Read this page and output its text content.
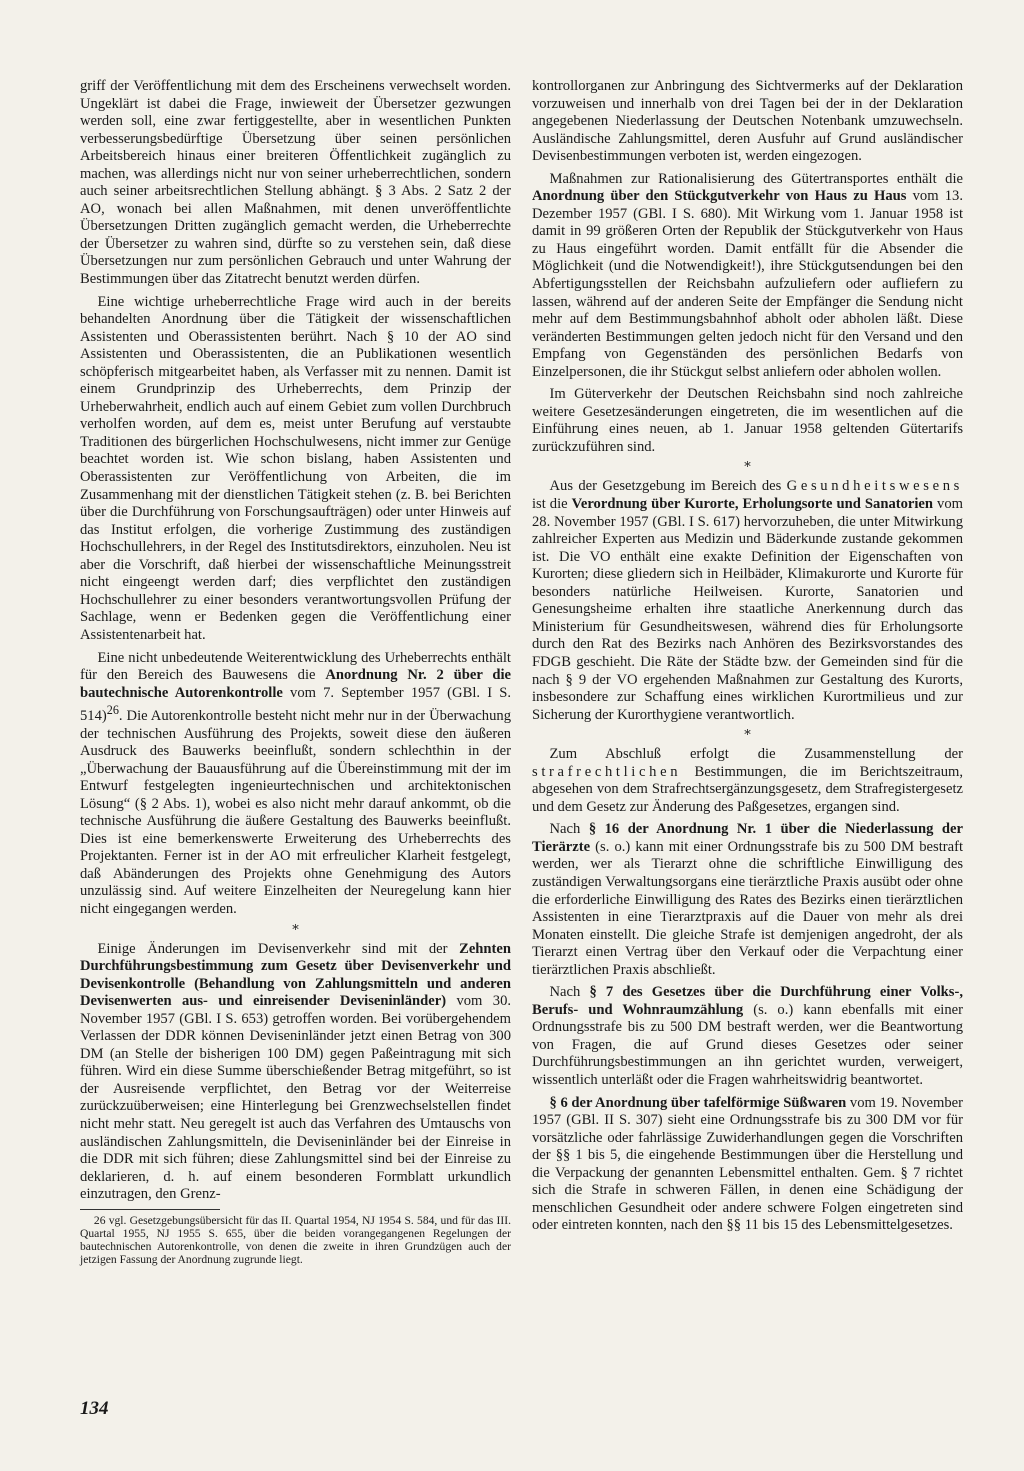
griff der Veröffentlichung mit dem des Erscheinens verwechselt worden. Ungeklärt ist dabei die Frage, inwieweit der Übersetzer gezwungen werden soll, eine zwar fertiggestellte, aber in wesentlichen Punkten verbesserungsbedürftige Übersetzung über seinen persönlichen Arbeitsbereich hinaus einer breiteren Öffentlichkeit zugänglich zu machen, was allerdings nicht nur von seiner urheberrechtlichen, sondern auch seiner arbeitsrechtlichen Stellung abhängt. § 3 Abs. 2 Satz 2 der AO, wonach bei allen Maßnahmen, mit denen unveröffentlichte Übersetzungen Dritten zugänglich gemacht werden, die Urheberrechte der Übersetzer zu wahren sind, dürfte so zu verstehen sein, daß diese Übersetzungen nur zum persönlichen Gebrauch und unter Wahrung der Bestimmungen über das Zitatrecht benutzt werden dürfen.

Eine wichtige urheberrechtliche Frage wird auch in der bereits behandelten Anordnung über die Tätigkeit der wissenschaftlichen Assistenten und Oberassistenten berührt. Nach § 10 der AO sind Assistenten und Oberassistenten, die an Publikationen wesentlich schöpferisch mitgearbeitet haben, als Verfasser mit zu nennen. Damit ist einem Grundprinzip des Urheberrechts, dem Prinzip der Urheberwahrheit, endlich auch auf einem Gebiet zum vollen Durchbruch verholfen worden, auf dem es, meist unter Berufung auf verstaubte Traditionen des bürgerlichen Hochschulwesens, nicht immer zur Genüge beachtet worden ist. Wie schon bislang, haben Assistenten und Oberassistenten zur Veröffentlichung von Arbeiten, die im Zusammenhang mit der dienstlichen Tätigkeit stehen (z. B. bei Berichten über die Durchführung von Forschungsaufträgen) oder unter Hinweis auf das Institut erfolgen, die vorherige Zustimmung des zuständigen Hochschullehrers, in der Regel des Institutsdirektors, einzuholen. Neu ist aber die Vorschrift, daß hierbei der wissenschaftliche Meinungsstreit nicht eingeengt werden darf; dies verpflichtet den zuständigen Hochschullehrer zu einer besonders verantwortungsvollen Prüfung der Sachlage, wenn er Bedenken gegen die Veröffentlichung einer Assistentenarbeit hat.

Eine nicht unbedeutende Weiterentwicklung des Urheberrechts enthält für den Bereich des Bauwesens die Anordnung Nr. 2 über die bautechnische Autorenkontrolle vom 7. September 1957 (GBl. I S. 514)$^{26}$. Die Autorenkontrolle besteht nicht mehr nur in der Überwachung der technischen Ausführung des Projekts, soweit diese den äußeren Ausdruck des Bauwerks beeinflußt, sondern schlechthin in der „Überwachung der Bauausführung auf die Übereinstimmung mit der im Entwurf festgelegten ingenieurtechnischen und architektonischen Lösung“ (§ 2 Abs. 1), wobei es also nicht mehr darauf ankommt, ob die technische Ausführung die äußere Gestaltung des Bauwerks beeinflußt. Dies ist eine bemerkenswerte Erweiterung des Urheberrechts des Projektanten. Ferner ist in der AO mit erfreulicher Klarheit festgelegt, daß Abänderungen des Projekts ohne Genehmigung des Autors unzulässig sind. Auf weitere Einzelheiten der Neuregelung kann hier nicht eingegangen werden.

*

Einige Änderungen im Devisenverkehr sind mit der Zehnten Durchführungsbestimmung zum Gesetz über Devisenverkehr und Devisenkontrolle (Behandlung von Zahlungsmitteln und anderen Devisenwerten aus- und einreisender Deviseninländer) vom 30. November 1957 (GBl. I S. 653) getroffen worden. Bei vorübergehendem Verlassen der DDR können Deviseninländer jetzt einen Betrag von 300 DM (an Stelle der bisherigen 100 DM) gegen Paßeintragung mit sich führen. Wird ein diese Summe überschießender Betrag mitgeführt, so ist der Ausreisende verpflichtet, den Betrag vor der Weiterreise zurückzuüberweisen; eine Hinterlegung bei Grenzwechselstellen findet nicht mehr statt. Neu geregelt ist auch das Verfahren des Umtauschs von ausländischen Zahlungsmitteln, die Deviseninländer bei der Einreise in die DDR mit sich führen; diese Zahlungsmittel sind bei der Einreise zu deklarieren, d. h. auf einem besonderen Formblatt urkundlich einzutragen, den Grenz-

26 vgl. Gesetzgebungsübersicht für das II. Quartal 1954, NJ 1954 S. 584, und für das III. Quartal 1955, NJ 1955 S. 655, über die beiden vorangegangenen Regelungen der bautechnischen Autorenkontrolle, von denen die zweite in ihren Grundzügen auch der jetzigen Fassung der Anordnung zugrunde liegt.

kontrollorganen zur Anbringung des Sichtvermerks auf der Deklaration vorzuweisen und innerhalb von drei Tagen bei der in der Deklaration angegebenen Niederlassung der Deutschen Notenbank umzuwechseln. Ausländische Zahlungsmittel, deren Ausfuhr auf Grund ausländischer Devisenbestimmungen verboten ist, werden eingezogen.

Maßnahmen zur Rationalisierung des Gütertransportes enthält die Anordnung über den Stückgutverkehr von Haus zu Haus vom 13. Dezember 1957 (GBl. I S. 680). Mit Wirkung vom 1. Januar 1958 ist damit in 99 größeren Orten der Republik der Stückgutverkehr von Haus zu Haus eingeführt worden. Damit entfällt für die Absender die Möglichkeit (und die Notwendigkeit!), ihre Stückgutsendungen bei den Abfertigungsstellen der Reichsbahn aufzuliefern oder aufliefern zu lassen, während auf der anderen Seite der Empfänger die Sendung nicht mehr auf dem Bestimmungsbahnhof abholt oder abholen läßt. Diese veränderten Bestimmungen gelten jedoch nicht für den Versand und den Empfang von Gegenständen des persönlichen Bedarfs von Einzelpersonen, die ihr Stückgut selbst anliefern oder abholen wollen.

Im Güterverkehr der Deutschen Reichsbahn sind noch zahlreiche weitere Gesetzesänderungen eingetreten, die im wesentlichen auf die Einführung eines neuen, ab 1. Januar 1958 geltenden Gütertarifs zurückzuführen sind.

*

Aus der Gesetzgebung im Bereich des Gesundheitswesens ist die Verordnung über Kurorte, Erholungsorte und Sanatorien vom 28. November 1957 (GBl. I S. 617) hervorzuheben, die unter Mitwirkung zahlreicher Experten aus Medizin und Bäderkunde zustande gekommen ist. Die VO enthält eine exakte Definition der Eigenschaften von Kurorten; diese gliedern sich in Heilbäder, Klimakurorte und Kurorte für besonders natürliche Heilweisen. Kurorte, Sanatorien und Genesungsheime erhalten ihre staatliche Anerkennung durch das Ministerium für Gesundheitswesen, während dies für Erholungsorte durch den Rat des Bezirks nach Anhören des Bezirksvorstandes des FDGB geschieht. Die Räte der Städte bzw. der Gemeinden sind für die nach § 9 der VO ergehenden Maßnahmen zur Gestaltung des Kurorts, insbesondere zur Schaffung eines wirklichen Kurortmilieus und zur Sicherung der Kurorthygiene verantwortlich.

*

Zum Abschluß erfolgt die Zusammenstellung der strafrechtlichen Bestimmungen, die im Berichtszeitraum, abgesehen von dem Strafrechtsergänzungsgesetz, dem Strafregistergesetz und dem Gesetz zur Änderung des Paßgesetzes, ergangen sind.

Nach § 16 der Anordnung Nr. 1 über die Niederlassung der Tierärzte (s. o.) kann mit einer Ordnungsstrafe bis zu 500 DM bestraft werden, wer als Tierarzt ohne die schriftliche Einwilligung des zuständigen Verwaltungsorgans eine tierärztliche Praxis ausübt oder ohne die erforderliche Einwilligung des Rates des Bezirks einen tierärztlichen Assistenten in eine Tierarztpraxis auf die Dauer von mehr als drei Monaten einstellt. Die gleiche Strafe ist demjenigen angedroht, der als Tierarzt einen Vertrag über den Verkauf oder die Verpachtung einer tierärztlichen Praxis abschließt.

Nach § 7 des Gesetzes über die Durchführung einer Volks-, Berufs- und Wohnraumzählung (s. o.) kann ebenfalls mit einer Ordnungsstrafe bis zu 500 DM bestraft werden, wer die Beantwortung von Fragen, die auf Grund dieses Gesetzes oder seiner Durchführungsbestimmungen an ihn gerichtet wurden, verweigert, wissentlich unterläßt oder die Fragen wahrheitswidrig beantwortet.

§ 6 der Anordnung über tafelförmige Süßwaren vom 19. November 1957 (GBl. II S. 307) sieht eine Ordnungsstrafe bis zu 300 DM vor für vorsätzliche oder fahrlässige Zuwiderhandlungen gegen die Vorschriften der §§ 1 bis 5, die eingehende Bestimmungen über die Herstellung und die Verpackung der genannten Lebensmittel enthalten. Gem. § 7 richtet sich die Strafe in schweren Fällen, in denen eine Schädigung der menschlichen Gesundheit oder andere schwere Folgen eingetreten sind oder eintreten konnten, nach den §§ 11 bis 15 des Lebensmittelgesetzes.

134
